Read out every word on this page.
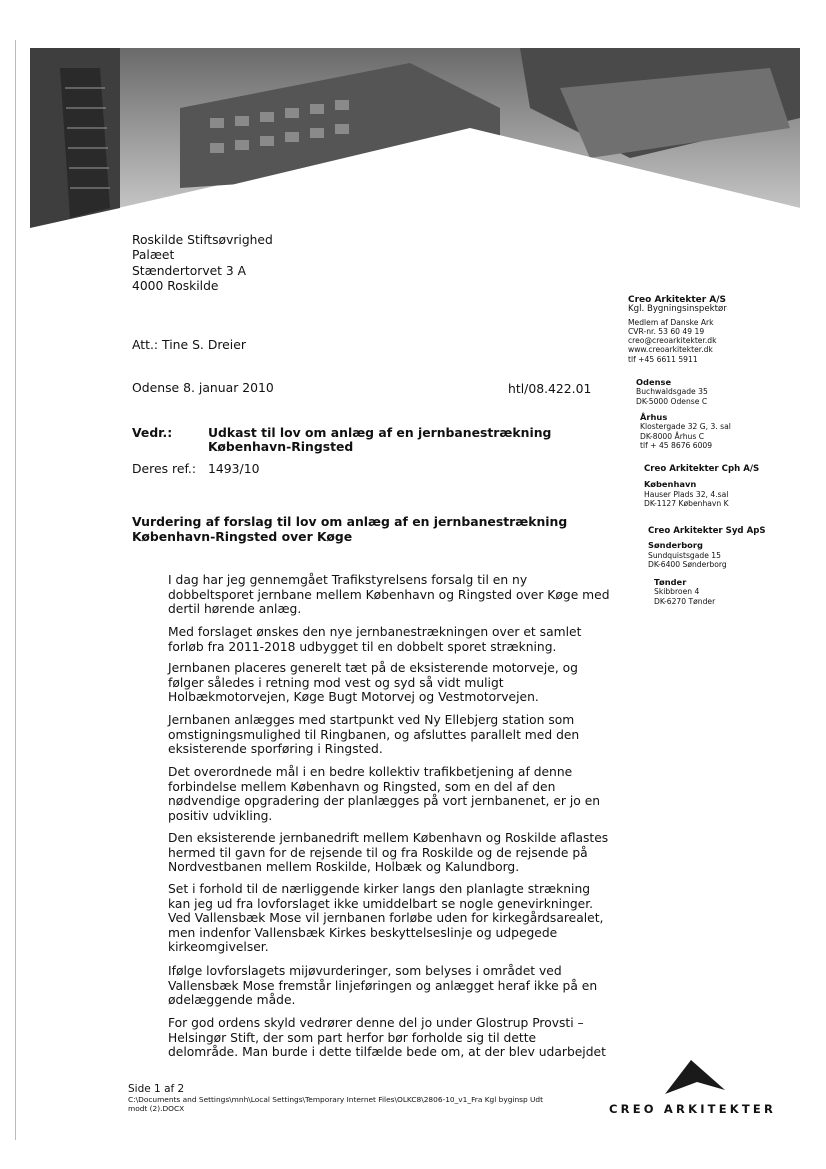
Roskilde Stiftsøvrighed
Palæet
Stændertorvet 3 A
4000 Roskilde
Att.: Tine S. Dreier
Odense 8. januar 2010	htl/08.422.01
Vedr.:	Udkast til lov om anlæg af en jernbanestrækning
København-Ringsted
Deres ref.: 1493/10
Vurdering af forslag til lov om anlæg af en jernbanestrækning
København-Ringsted over Køge
I dag har jeg gennemgået Trafikstyrelsens forsalg til en ny
dobbeltsporet jernbane mellem København og Ringsted over Køge med
dertil hørende anlæg.
Med forslaget ønskes den nye jernbanestrækningen over et samlet
forløb fra 2011-2018 udbygget til en dobbelt sporet strækning.
Jernbanen placeres generelt tæt på de eksisterende motorveje, og
følger således i retning mod vest og syd så vidt muligt
Holbækmotorvejen, Køge Bugt Motorvej og Vestmotorvejen.
Jernbanen anlægges med startpunkt ved Ny Ellebjerg station som
omstigningsmulighed til Ringbanen, og afsluttes parallelt med den
eksisterende sporføring i Ringsted.
Det overordnede mål i en bedre kollektiv trafikbetjening af denne
forbindelse mellem København og Ringsted, som en del af den
nødvendige opgradering der planlægges på vort jernbanenet, er jo en
positiv udvikling.
Den eksisterende jernbanedrift mellem København og Roskilde aflastes
hermed til gavn for de rejsende til og fra Roskilde og de rejsende på
Nordvestbanen mellem Roskilde, Holbæk og Kalundborg.
Set i forhold til de nærliggende kirker langs den planlagte strækning
kan jeg ud fra lovforslaget ikke umiddelbart se nogle genevirkninger.
Ved Vallensbæk Mose vil jernbanen forløbe uden for kirkegårdsarealet,
men indenfor Vallensbæk Kirkes beskyttelseslinje og udpegede
kirkeomgivelser.
Ifølge lovforslagets mijøvurderinger, som belyses i området ved
Vallensbæk Mose fremstår linjeføringen og anlægget heraf ikke på en
ødelæggende måde.
For god ordens skyld vedrører denne del jo under Glostrup Provsti –
Helsingør Stift, der som part herfor bør forholde sig til dette
delområde. Man burde i dette tilfælde bede om, at der blev udarbejdet
Creo Arkitekter A/S
Kgl. Bygningsinspektør
Medlem af Danske Ark
CVR-nr. 53 60 49 19
creo@creoarkitekter.dk
www.creoarkitekter.dk
tlf +45 6611 5911
Odense
Buchwaldsgade 35
DK-5000 Odense C
Århus
Klostergade 32 G, 3. sal
DK-8000 Århus C
tlf + 45 8676 6009
Creo Arkitekter Cph A/S
København
Hauser Plads 32, 4.sal
DK-1127 København K
Creo Arkitekter Syd ApS
Sønderborg
Sundquistsgade 15
DK-6400 Sønderborg
Tønder
Skibbroen 4
DK-6270 Tønder
Side 1 af 2
C:\Documents and Settings\mnh\Local Settings\Temporary Internet Files\OLKC8\2806-10_v1_Fra Kgl byginsp Udt
modt (2).DOCX	CREO ARKITEKTER
